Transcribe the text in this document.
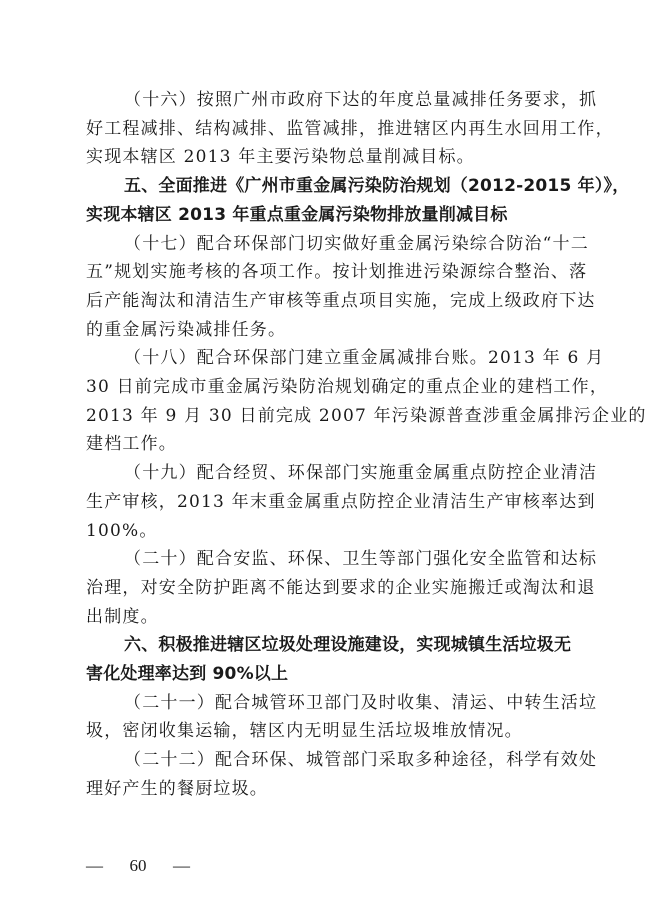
（十六）按照广州市政府下达的年度总量减排任务要求，抓
好工程减排、结构减排、监管减排，推进辖区内再生水回用工作，
实现本辖区 2013 年主要污染物总量削减目标。
五、全面推进《广州市重金属污染防治规划（2012-2015 年）》，
实现本辖区 2013 年重点重金属污染物排放量削减目标
（十七）配合环保部门切实做好重金属污染综合防治“十二
五”规划实施考核的各项工作。按计划推进污染源综合整治、落
后产能淘汰和清洁生产审核等重点项目实施，完成上级政府下达
的重金属污染减排任务。
（十八）配合环保部门建立重金属减排台账。2013 年 6 月
30 日前完成市重金属污染防治规划确定的重点企业的建档工作，
2013 年 9 月 30 日前完成 2007 年污染源普查涉重金属排污企业的
建档工作。
（十九）配合经贸、环保部门实施重金属重点防控企业清洁
生产审核，2013 年末重金属重点防控企业清洁生产审核率达到
100%。
（二十）配合安监、环保、卫生等部门强化安全监管和达标
治理，对安全防护距离不能达到要求的企业实施搬迁或淘汰和退
出制度。
六、积极推进辖区垃圾处理设施建设，实现城镇生活垃圾无
害化处理率达到 90%以上
（二十一）配合城管环卫部门及时收集、清运、中转生活垃
圾，密闭收集运输，辖区内无明显生活垃圾堆放情况。
（二十二）配合环保、城管部门采取多种途径，科学有效处
理好产生的餐厨垃圾。
— 60 —
